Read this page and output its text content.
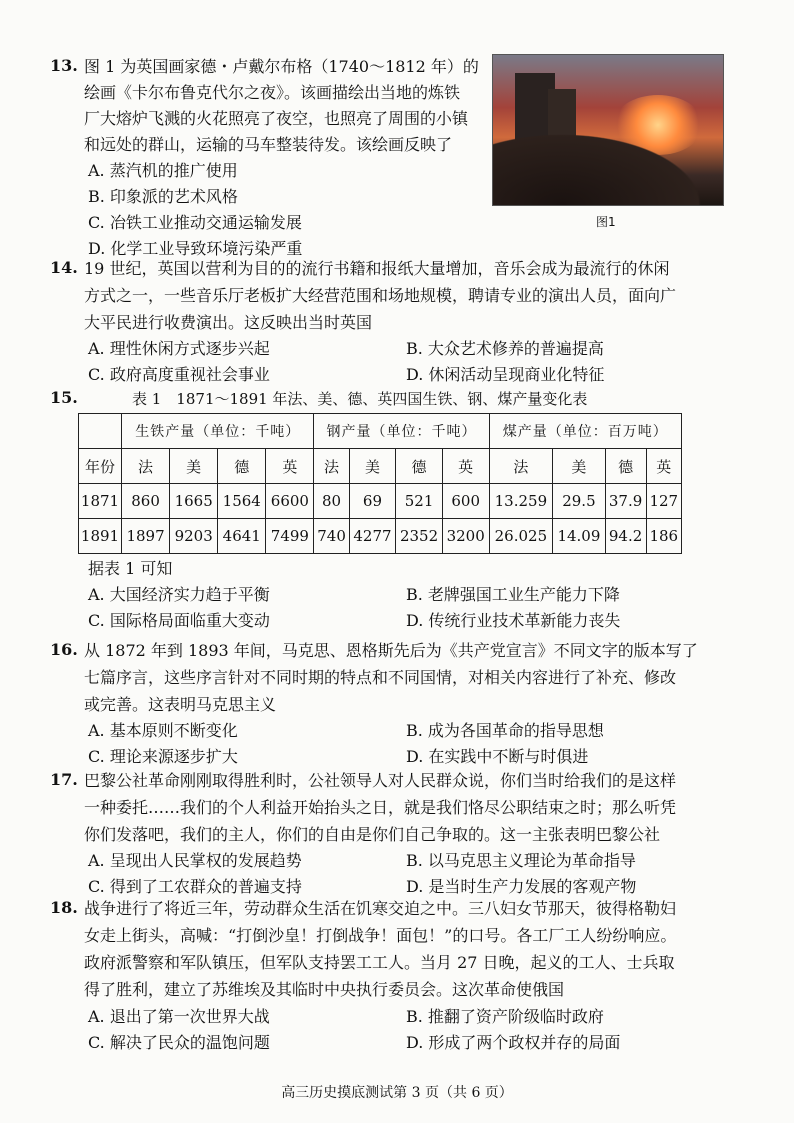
13. 图 1 为英国画家德・卢戴尔布格（1740～1812 年）的
绘画《卡尔布鲁克代尔之夜》。该画描绘出当地的炼铁
厂大熔炉飞溅的火花照亮了夜空，也照亮了周围的小镇
和远处的群山，运输的马车整装待发。该绘画反映了
A. 蒸汽机的推广使用
B. 印象派的艺术风格
C. 冶铁工业推动交通运输发展
D. 化学工业导致环境污染严重
图1
14. 19 世纪，英国以营利为目的的流行书籍和报纸大量增加，音乐会成为最流行的休闲
方式之一，一些音乐厅老板扩大经营范围和场地规模，聘请专业的演出人员，面向广
大平民进行收费演出。这反映出当时英国
A. 理性休闲方式逐步兴起	B. 大众艺术修养的普遍提高
C. 政府高度重视社会事业	D. 休闲活动呈现商业化特征
15.	表 1　1871～1891 年法、美、德、英四国生铁、钢、煤产量变化表
	生铁产量（单位：千吨）				钢产量（单位：千吨）				煤产量（单位：百万吨）			
年份	法	美	德	英	法	美	德	英	法	美	德	英
1871	860	1665	1564	6600	80	69	521	600	13.259	29.5	37.9	127
1891	1897	9203	4641	7499	740	4277	2352	3200	26.025	14.09	94.2	186
据表 1 可知
A. 大国经济实力趋于平衡	B. 老牌强国工业生产能力下降
C. 国际格局面临重大变动	D. 传统行业技术革新能力丧失
16. 从 1872 年到 1893 年间，马克思、恩格斯先后为《共产党宣言》不同文字的版本写了
七篇序言，这些序言针对不同时期的特点和不同国情，对相关内容进行了补充、修改
或完善。这表明马克思主义
A. 基本原则不断变化	B. 成为各国革命的指导思想
C. 理论来源逐步扩大	D. 在实践中不断与时俱进
17. 巴黎公社革命刚刚取得胜利时，公社领导人对人民群众说，你们当时给我们的是这样
一种委托……我们的个人利益开始抬头之日，就是我们恪尽公职结束之时；那么听凭
你们发落吧，我们的主人，你们的自由是你们自己争取的。这一主张表明巴黎公社
A. 呈现出人民掌权的发展趋势	B. 以马克思主义理论为革命指导
C. 得到了工农群众的普遍支持	D. 是当时生产力发展的客观产物
18. 战争进行了将近三年，劳动群众生活在饥寒交迫之中。三八妇女节那天，彼得格勒妇
女走上街头，高喊：“打倒沙皇！打倒战争！面包！”的口号。各工厂工人纷纷响应。
政府派警察和军队镇压，但军队支持罢工工人。当月 27 日晚，起义的工人、士兵取
得了胜利，建立了苏维埃及其临时中央执行委员会。这次革命使俄国
A. 退出了第一次世界大战	B. 推翻了资产阶级临时政府
C. 解决了民众的温饱问题	D. 形成了两个政权并存的局面
高三历史摸底测试第 3 页（共 6 页）
